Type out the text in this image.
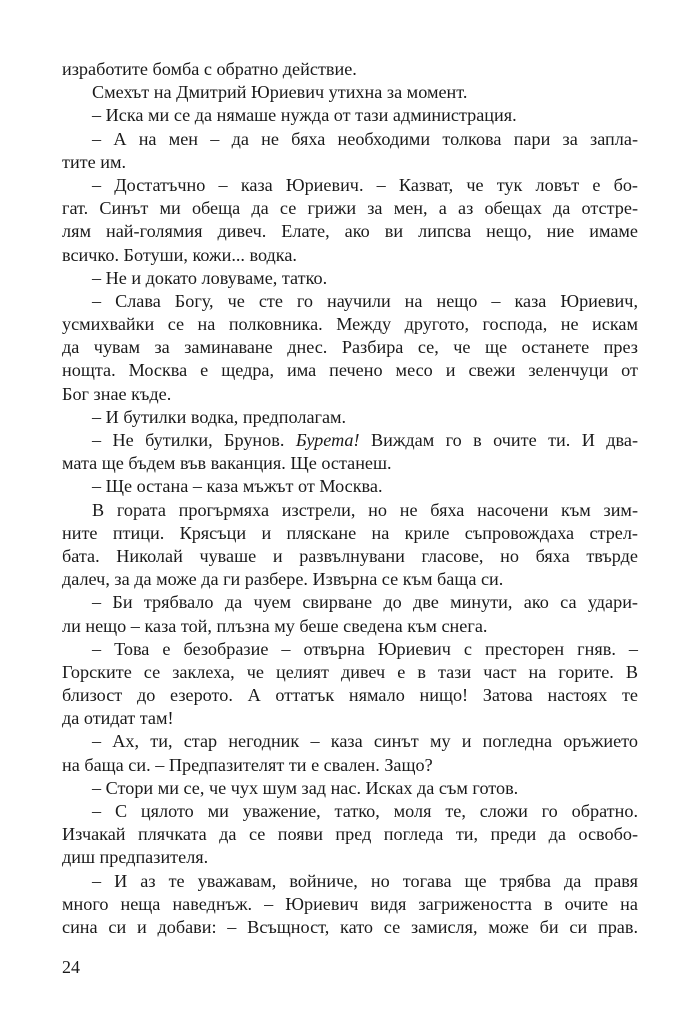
изработите бомба с обратно действие.
Смехът на Дмитрий Юриевич утихна за момент.
– Иска ми се да нямаше нужда от тази администрация.
– А на мен – да не бяха необходими толкова пари за запла-
тите им.
– Достатъчно – каза Юриевич. – Казват, че тук ловът е бо-
гат. Синът ми обеща да се грижи за мен, а аз обещах да отстре-
лям най-голямия дивеч. Елате, ако ви липсва нещо, ние имаме
всичко. Ботуши, кожи... водка.
– Не и докато ловуваме, татко.
– Слава Богу, че сте го научили на нещо – каза Юриевич,
усмихвайки се на полковника. Между другото, господа, не искам
да чувам за заминаване днес. Разбира се, че ще останете през
нощта. Москва е щедра, има печено месо и свежи зеленчуци от
Бог знае къде.
– И бутилки водка, предполагам.
– Не бутилки, Брунов. Бурета! Виждам го в очите ти. И два-
мата ще бъдем във ваканция. Ще останеш.
– Ще остана – каза мъжът от Москва.
В гората прогърмяха изстрели, но не бяха насочени към зим-
ните птици. Крясъци и пляскане на криле съпровождаха стрел-
бата. Николай чуваше и развълнувани гласове, но бяха твърде
далеч, за да може да ги разбере. Извърна се към баща си.
– Би трябвало да чуем свирване до две минути, ако са удари-
ли нещо – каза той, плъзна му беше сведена към снега.
– Това е безобразие – отвърна Юриевич с престорен гняв. –
Горските се заклеха, че целият дивеч е в тази част на горите. В
близост до езерото. А оттатък нямало нищо! Затова настоях те
да отидат там!
– Ах, ти, стар негодник – каза синът му и погледна оръжието
на баща си. – Предпазителят ти е свален. Защо?
– Стори ми се, че чух шум зад нас. Исках да съм готов.
– С цялото ми уважение, татко, моля те, сложи го обратно.
Изчакай плячката да се появи пред погледа ти, преди да освобо-
диш предпазителя.
– И аз те уважавам, войниче, но тогава ще трябва да правя
много неща наведнъж. – Юриевич видя загрижеността в очите на
сина си и добави: – Всъщност, като се замисля, може би си прав.
24
